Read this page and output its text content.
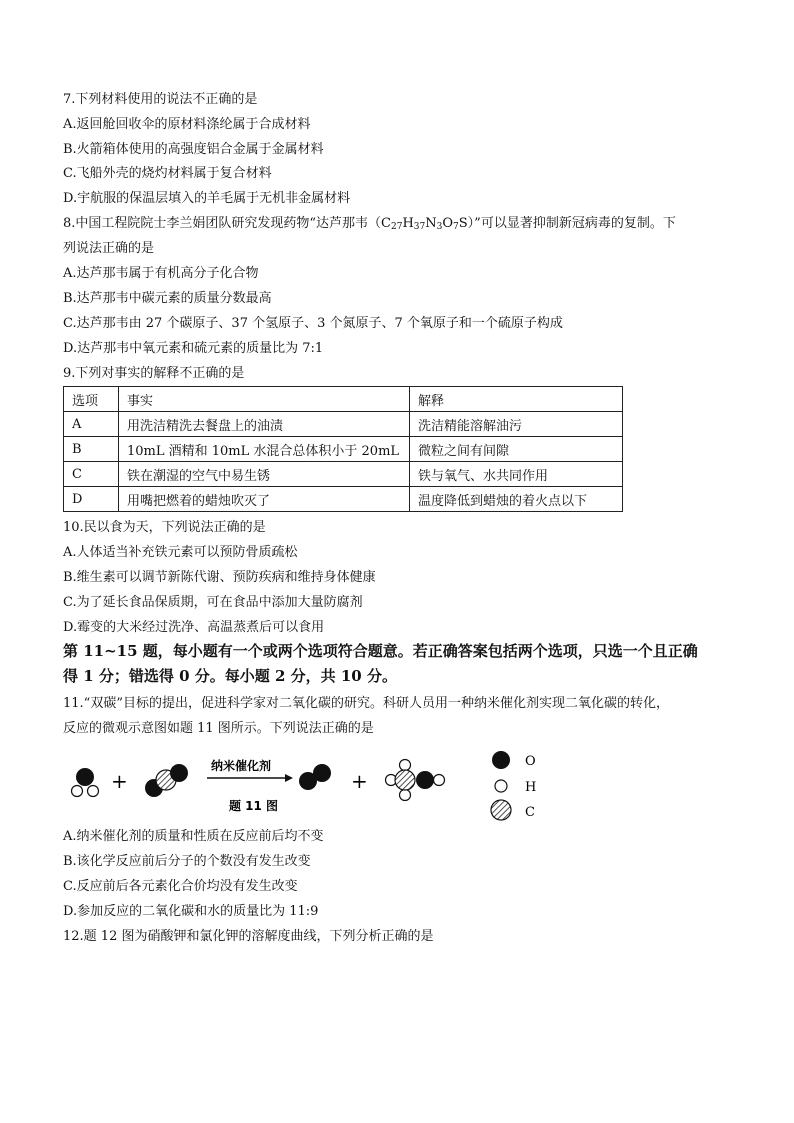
7.下列材料使用的说法不正确的是
A.返回舱回收伞的原材料涤纶属于合成材料
B.火箭箱体使用的高强度铝合金属于金属材料
C.飞船外壳的烧灼材料属于复合材料
D.宇航服的保温层填入的羊毛属于无机非金属材料
8.中国工程院院士李兰娟团队研究发现药物“达芦那韦$(C_{27}H_{37}N_3O_7S)$”可以显著抑制新冠病毒的复制。下
列说法正确的是
A.达芦那韦属于有机高分子化合物
B.达芦那韦中碳元素的质量分数最高
C.达芦那韦由 27 个碳原子、37 个氢原子、3 个氮原子、7 个氧原子和一个硫原子构成
D.达芦那韦中氧元素和硫元素的质量比为 7:1
9.下列对事实的解释不正确的是
选项	事实	解释
A	用洗洁精洗去餐盘上的油渍	洗洁精能溶解油污
B	10mL 酒精和 10mL 水混合总体积小于 20mL	微粒之间有间隙
C	铁在潮湿的空气中易生锈	铁与氧气、水共同作用
D	用嘴把燃着的蜡烛吹灭了	温度降低到蜡烛的着火点以下
10.民以食为天，下列说法正确的是
A.人体适当补充铁元素可以预防骨质疏松
B.维生素可以调节新陈代谢、预防疾病和维持身体健康
C.为了延长食品保质期，可在食品中添加大量防腐剂
D.霉变的大米经过洗净、高温蒸煮后可以食用
第 11~15 题，每小题有一个或两个选项符合题意。若正确答案包括两个选项，只选一个且正确
得 1 分；错选得 0 分。每小题 2 分，共 10 分。
11.“双碳”目标的提出，促进科学家对二氧化碳的研究。科研人员用一种纳米催化剂实现二氧化碳的转化，
反应的微观示意图如题 11 图所示。下列说法正确的是
+
纳米催化剂
题 11 图
+
O
H
C
A.纳米催化剂的质量和性质在反应前后均不变
B.该化学反应前后分子的个数没有发生改变
C.反应前后各元素化合价均没有发生改变
D.参加反应的二氧化碳和水的质量比为 11:9
12.题 12 图为硝酸钾和氯化钾的溶解度曲线，下列分析正确的是
